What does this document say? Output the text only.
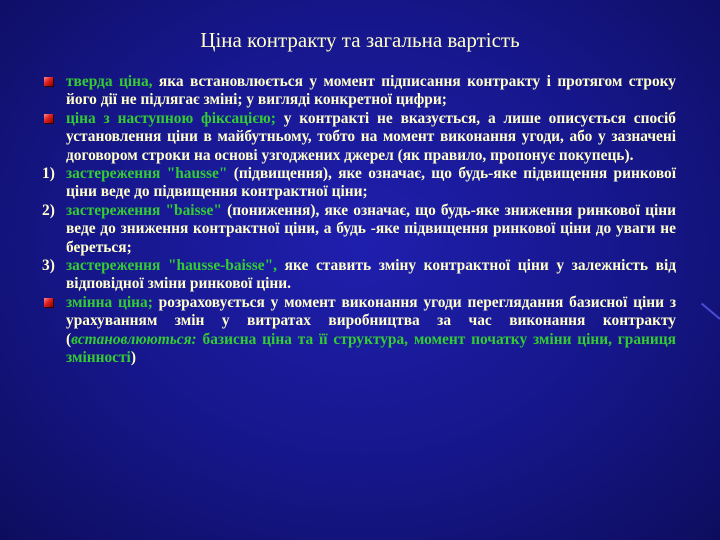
Ціна контракту та загальна вартість

тверда ціна, яка встановлюється у момент підписання контракту і протягом строку його дії не підлягає зміні; у вигляді конкретної цифри;

ціна з наступною фіксацією; у контракті не вказується, а лише описується спосіб установлення ціни в майбутньому, тобто на момент виконання угоди, або у зазначені договором строки на основі узгоджених джерел (як правило, пропонує покупець).

1) застереження "hausse" (підвищення), яке означає, що будь-яке підвищення ринкової ціни веде до підвищення контрактної ціни;

2) застереження "baisse" (пониження), яке означає, що будь-яке зниження ринкової ціни веде до зниження контрактної ціни, а будь -яке підвищення ринкової ціни до уваги не береться;

3) застереження "hausse-baisse", яке ставить зміну контрактної ціни у залежність від відповідної зміни ринкової ціни.

змінна ціна; розраховується у момент виконання угоди переглядання базисної ціни з урахуванням змін у витратах виробництва за час виконання контракту (встановлюються: базисна ціна та її структура, момент початку зміни ціни, границя змінності)
